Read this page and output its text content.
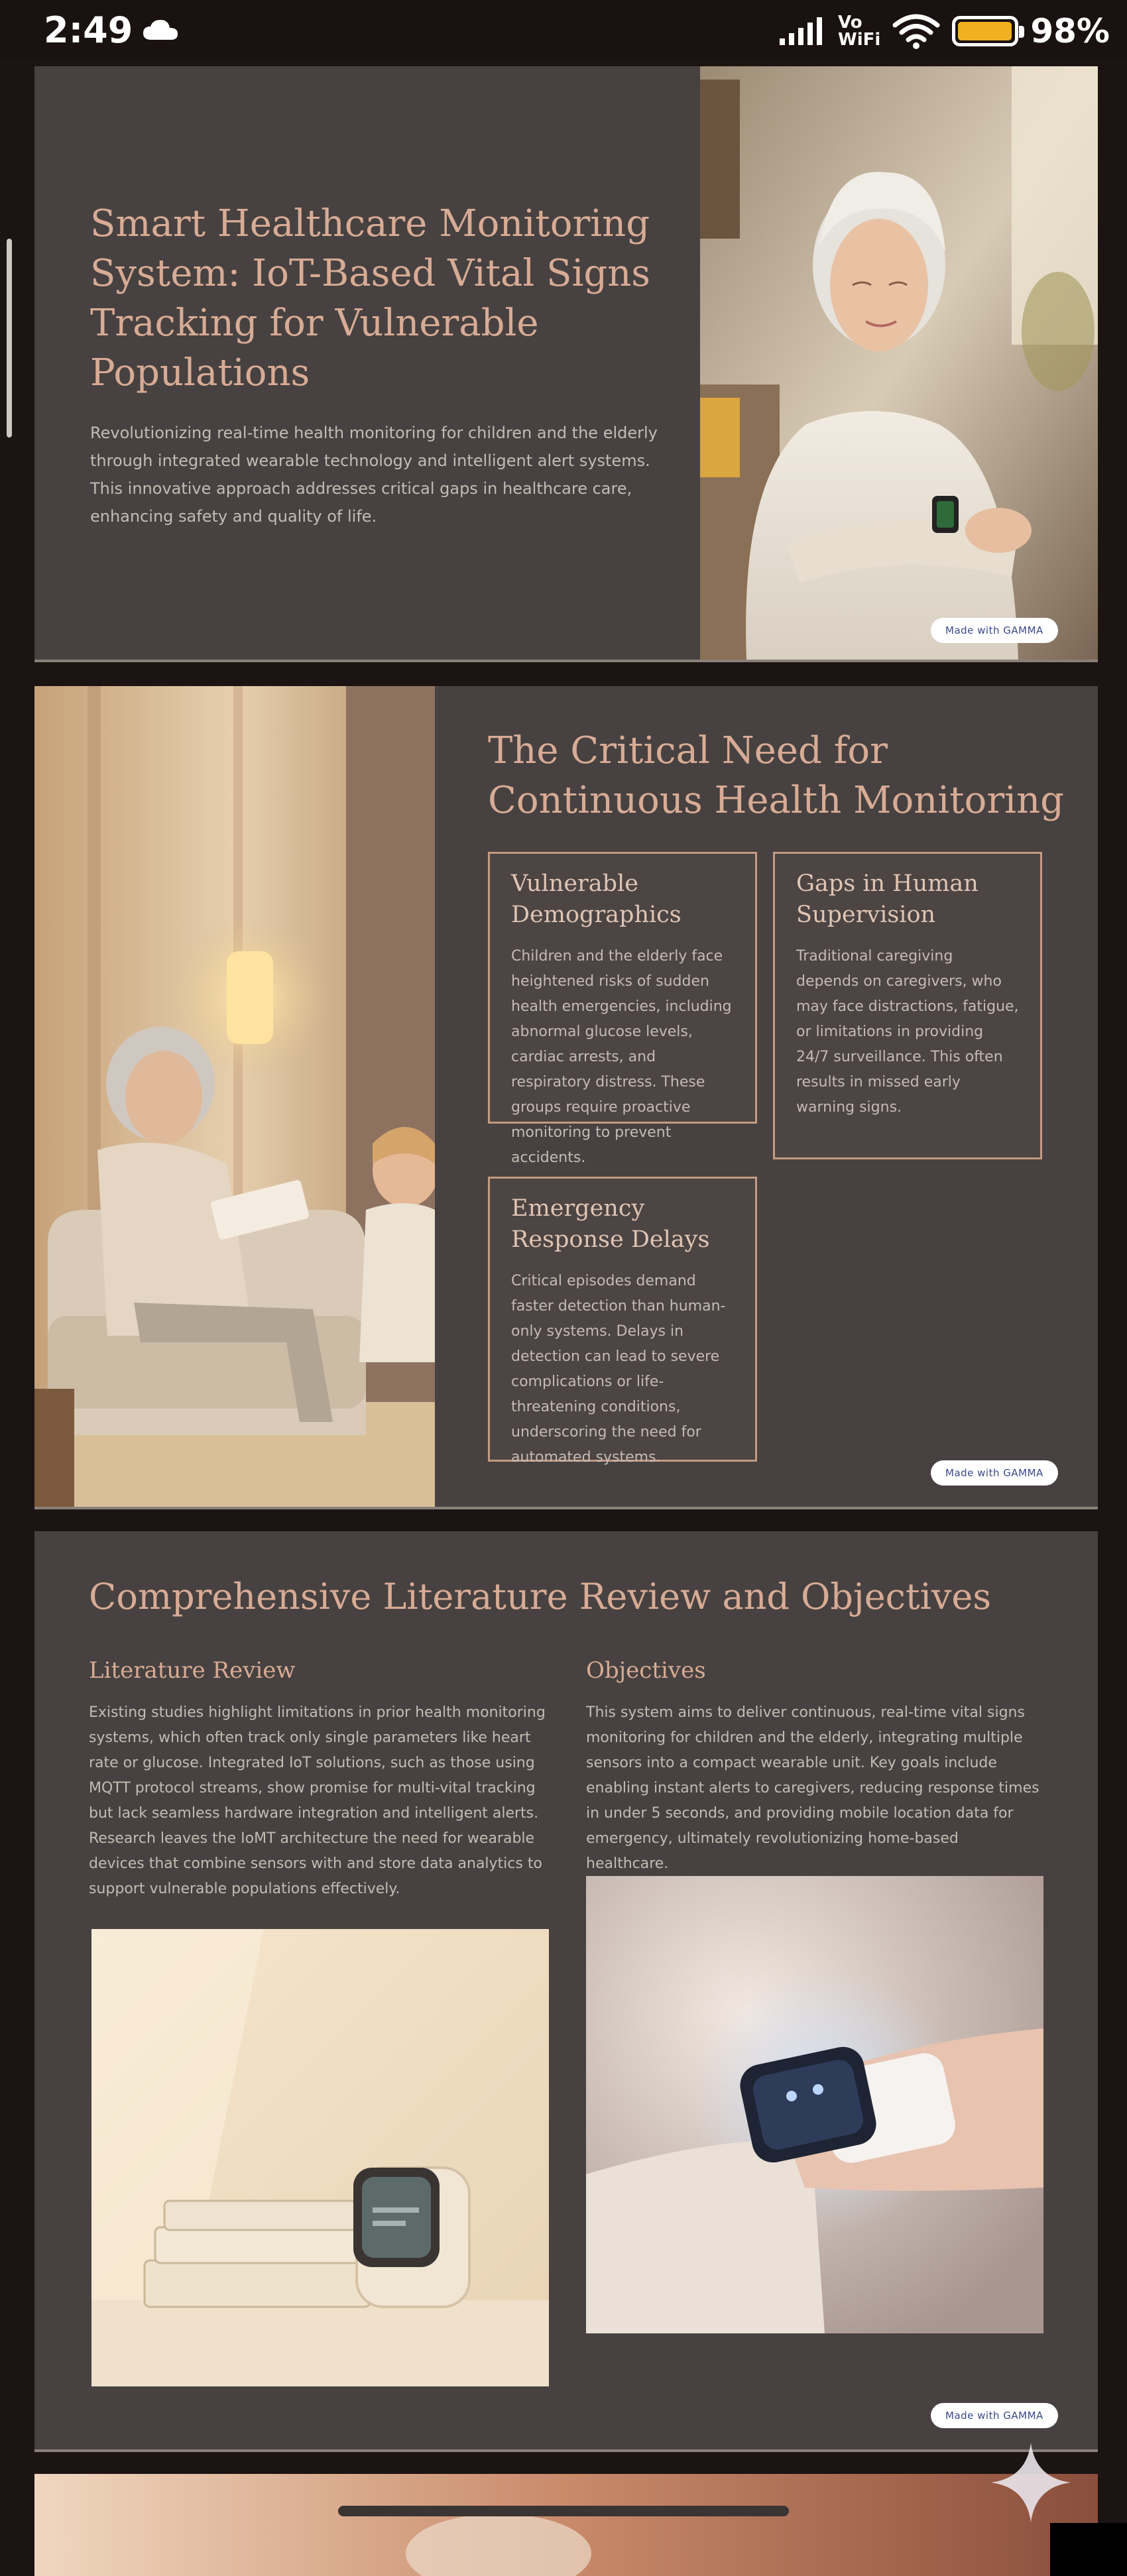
2:49	Vo
WiFi	98%
Smart Healthcare Monitoring System: IoT-Based Vital Signs Tracking for Vulnerable Populations
Revolutionizing real-time health monitoring for children and the elderly through integrated wearable technology and intelligent alert systems. This innovative approach addresses critical gaps in healthcare care, enhancing safety and quality of life.
Made with GAMMA
The Critical Need for Continuous Health Monitoring
Vulnerable Demographics
Children and the elderly face heightened risks of sudden health emergencies, including abnormal glucose levels, cardiac arrests, and respiratory distress. These groups require proactive monitoring to prevent accidents.
Gaps in Human Supervision
Traditional caregiving depends on caregivers, who may face distractions, fatigue, or limitations in providing 24/7 surveillance. This often results in missed early warning signs.
Emergency Response Delays
Critical episodes demand faster detection than human-only systems. Delays in detection can lead to severe complications or life-threatening conditions, underscoring the need for automated systems.
Made with GAMMA
Comprehensive Literature Review and Objectives
Literature Review
Existing studies highlight limitations in prior health monitoring systems, which often track only single parameters like heart rate or glucose. Integrated IoT solutions, such as those using MQTT protocol streams, show promise for multi-vital tracking but lack seamless hardware integration and intelligent alerts. Research leaves the IoMT architecture the need for wearable devices that combine sensors with and store data analytics to support vulnerable populations effectively.
Objectives
This system aims to deliver continuous, real-time vital signs monitoring for children and the elderly, integrating multiple sensors into a compact wearable unit. Key goals include enabling instant alerts to caregivers, reducing response times in under 5 seconds, and providing mobile location data for emergency, ultimately revolutionizing home-based healthcare.
Made with GAMMA
